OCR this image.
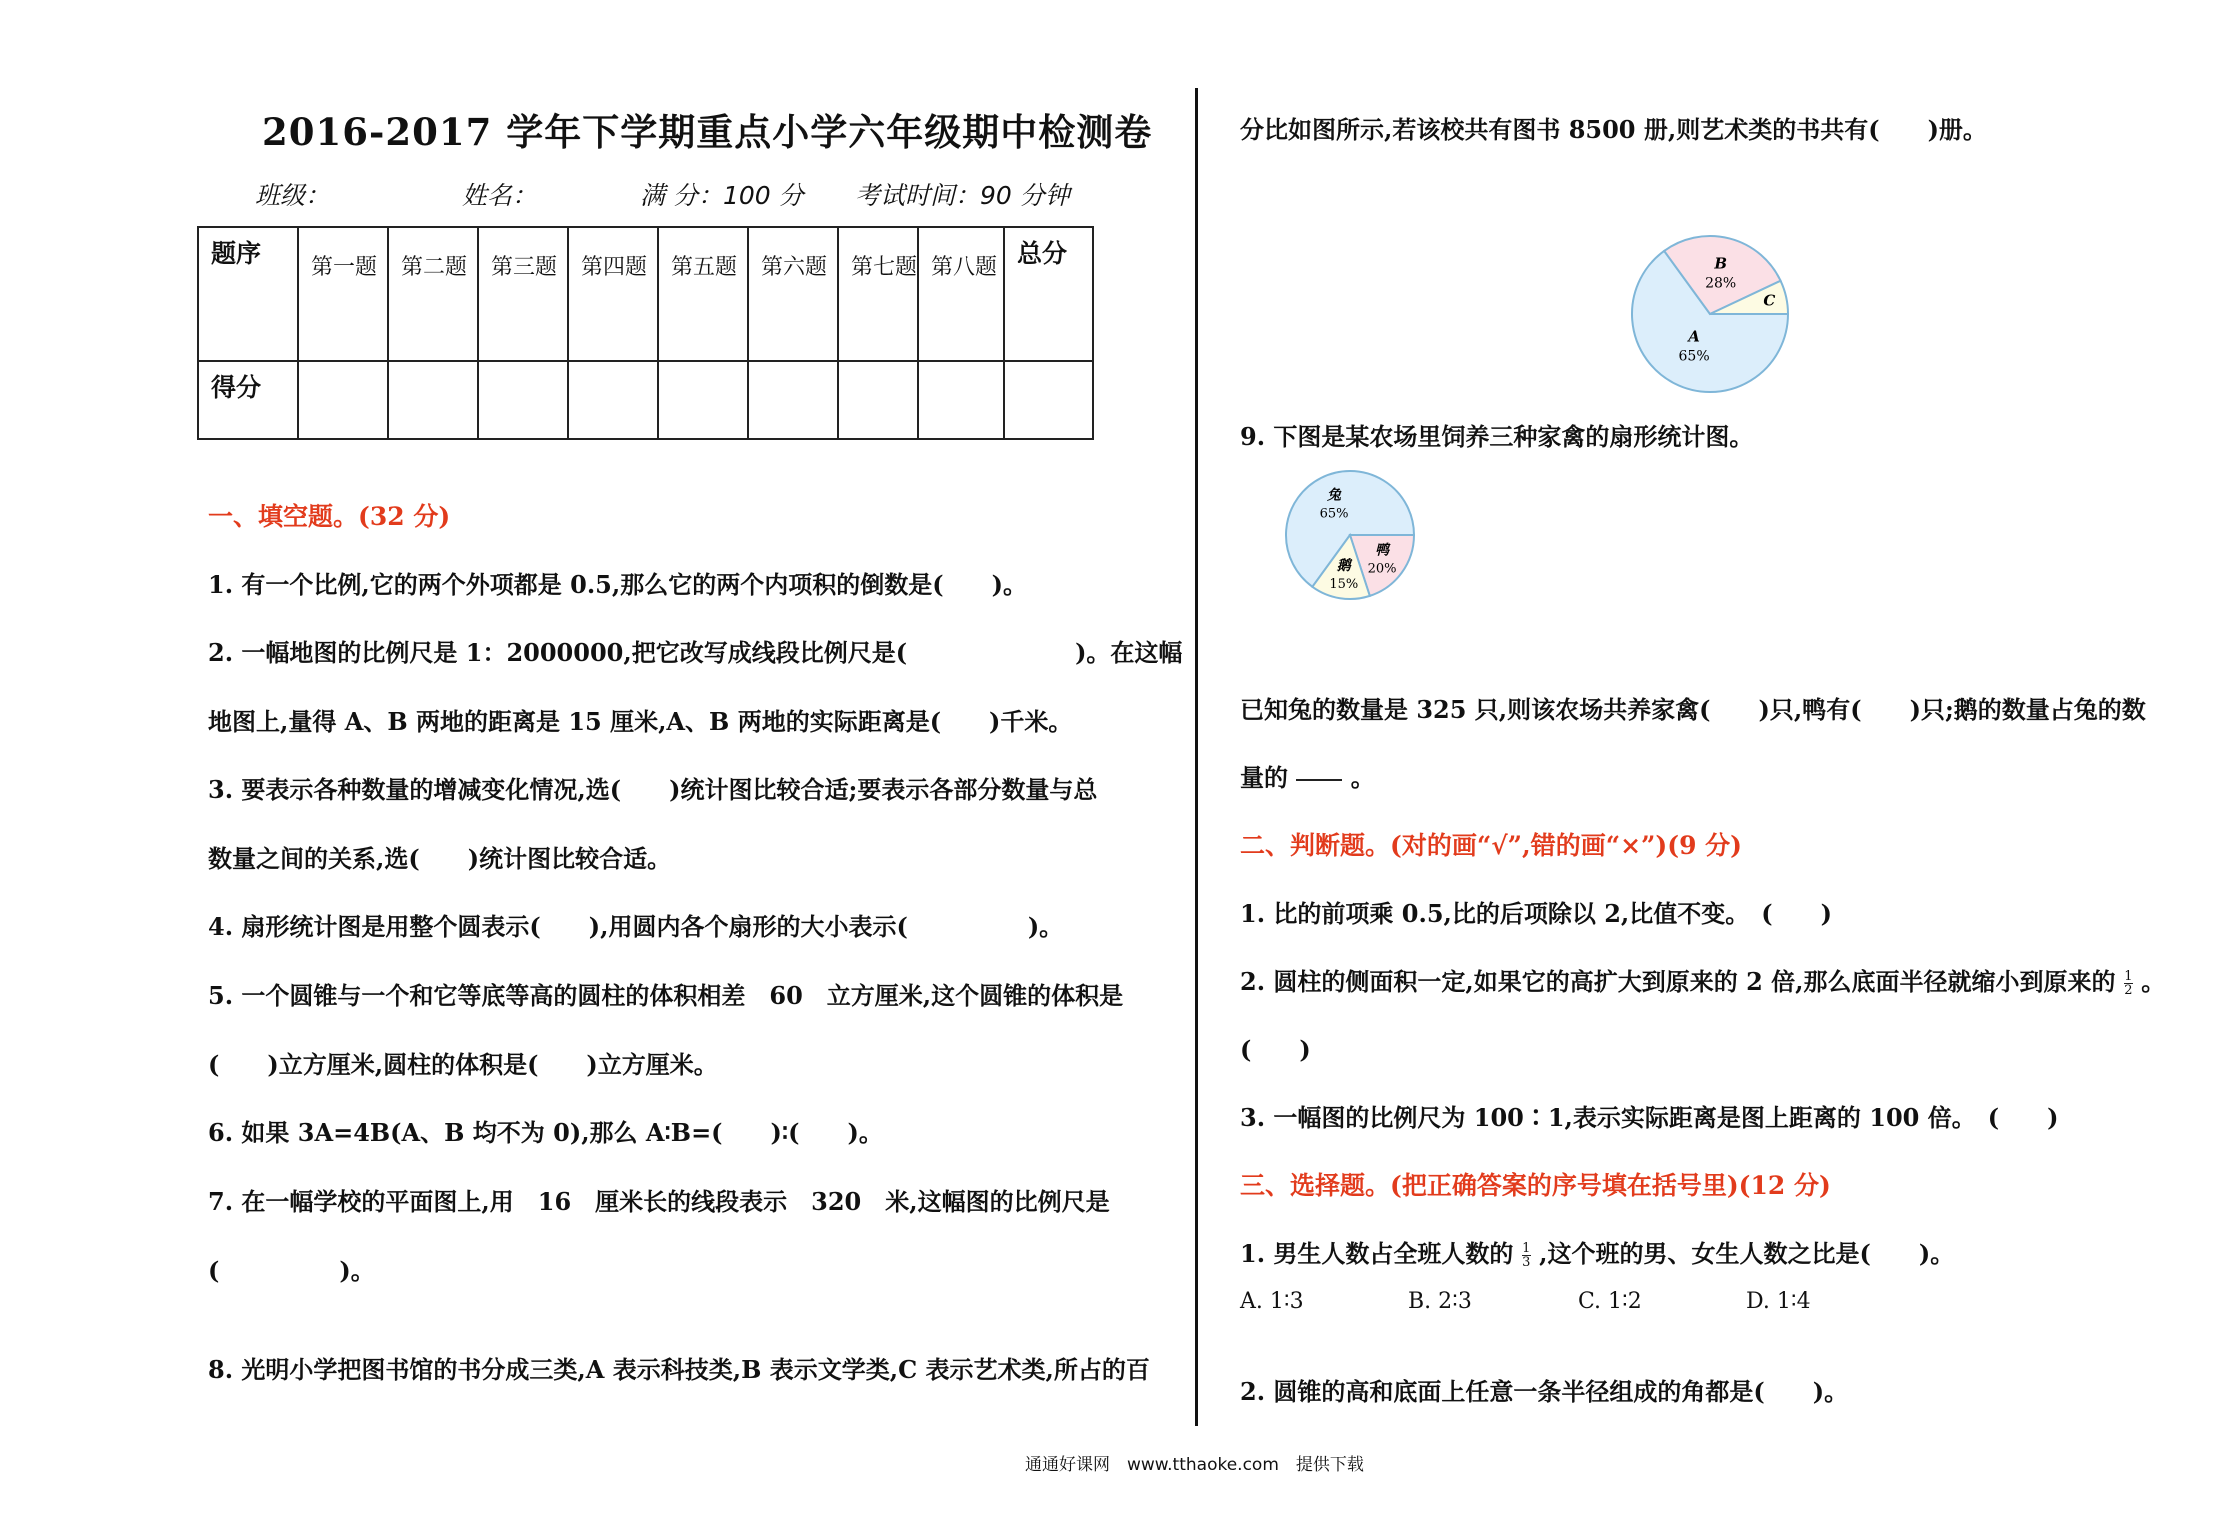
2016-2017 学年下学期重点小学六年级期中检测卷
班级：	姓名：	满 分：100 分 考试时间：90 分钟
题序	第一题	第二题	第三题	第四题	第五题	第六题	第七题	第八题	总分
得分									
一、填空题。(32 分)
1. 有一个比例,它的两个外项都是 0.5,那么它的两个内项积的倒数是(　　)。
2. 一幅地图的比例尺是 1：2000000,把它改写成线段比例尺是(　　　　　　　)。在这幅
地图上,量得 A、B 两地的距离是 15 厘米,A、B 两地的实际距离是(　　)千米。
3. 要表示各种数量的增减变化情况,选(　　)统计图比较合适;要表示各部分数量与总
数量之间的关系,选(　　)统计图比较合适。
4. 扇形统计图是用整个圆表示(　　),用圆内各个扇形的大小表示(　　　　　)。
5. 一个圆锥与一个和它等底等高的圆柱的体积相差　60　立方厘米,这个圆锥的体积是
(　　)立方厘米,圆柱的体积是(　　)立方厘米。
6. 如果 3A=4B(A、B 均不为 0),那么 A∶B=(　　)∶(　　)。
7. 在一幅学校的平面图上,用　16　厘米长的线段表示　320　米,这幅图的比例尺是
(　　　　　)。
8. 光明小学把图书馆的书分成三类,A 表示科技类,B 表示文学类,C 表示艺术类,所占的百
分比如图所示,若该校共有图书 8500 册,则艺术类的书共有(　　)册。
A
65%
B
28%
C
9. 下图是某农场里饲养三种家禽的扇形统计图。
兔
65%
鸭
20%
鹅
15%
已知兔的数量是 325 只,则该农场共养家禽(　　)只,鸭有(　　)只;鹅的数量占兔的数
量的	。
二、判断题。(对的画“√”,错的画“×”)(9 分)
1. 比的前项乘 0.5,比的后项除以 2,比值不变。　(　　)
2. 圆柱的侧面积一定,如果它的高扩大到原来的 2 倍,那么底面半径就缩小到原来的 $\frac{1}{2}$ 。
(　　)
3. 一幅图的比例尺为 100∶1,表示实际距离是图上距离的 100 倍。　(　　)
三、选择题。(把正确答案的序号填在括号里)(12 分)
1. 男生人数占全班人数的 $\frac{1}{3}$ ,这个班的男、女生人数之比是(　　)。
A. 1∶3	B. 2∶3	C. 1∶2	D. 1∶4
2. 圆锥的高和底面上任意一条半径组成的角都是(　　)。
通通好课网　www.tthaoke.com　提供下载
